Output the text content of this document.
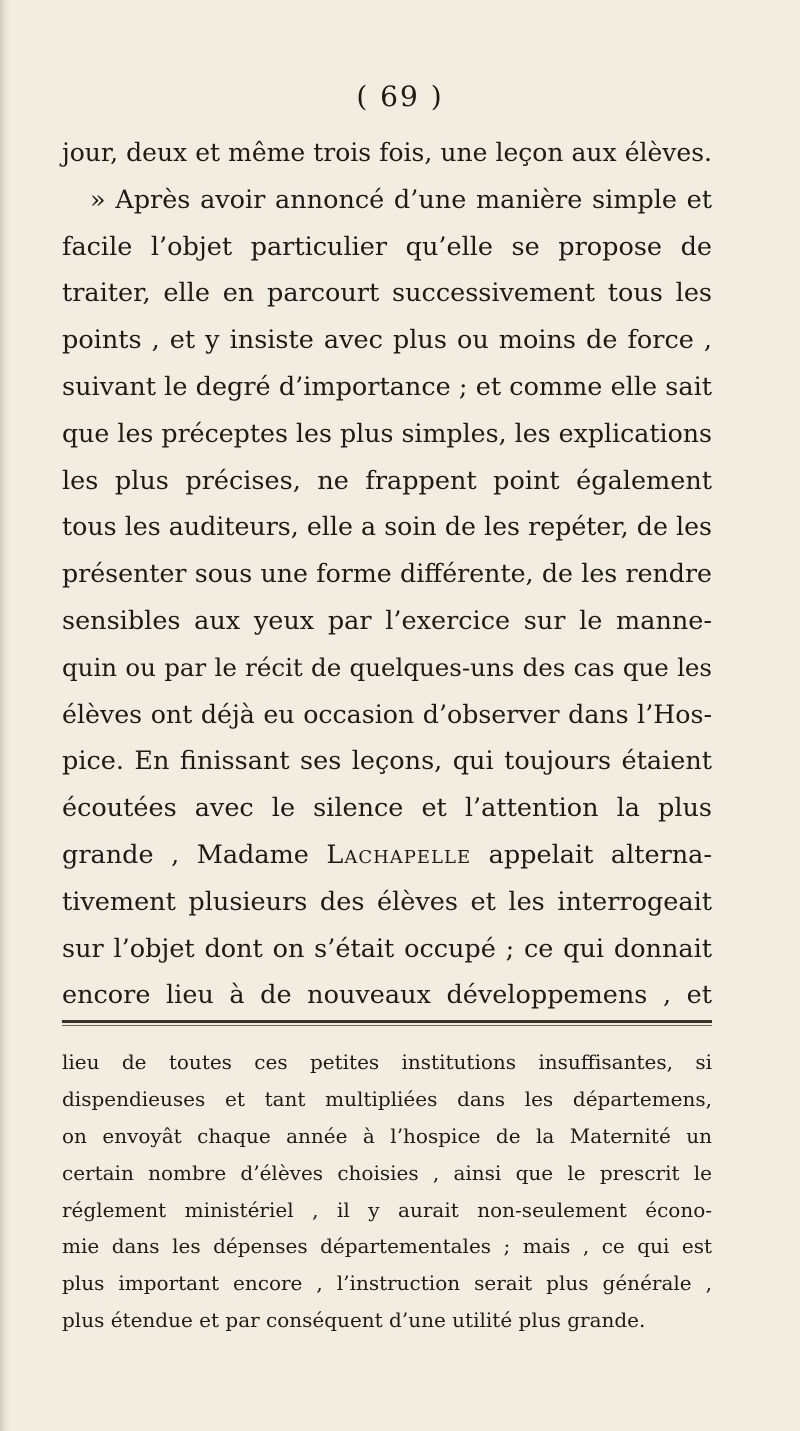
( 69 )
jour, deux et même trois fois, une leçon aux élèves.
» Après avoir annoncé d’une manière simple et
facile l’objet particulier qu’elle se propose de
traiter, elle en parcourt successivement tous les
points , et y insiste avec plus ou moins de force ,
suivant le degré d’importance ; et comme elle sait
que les préceptes les plus simples, les explications
les plus précises, ne frappent point également
tous les auditeurs, elle a soin de les repéter, de les
présenter sous une forme différente, de les rendre
sensibles aux yeux par l’exercice sur le manne-
quin ou par le récit de quelques-uns des cas que les
élèves ont déjà eu occasion d’observer dans l’Hos-
pice. En finissant ses leçons, qui toujours étaient
écoutées avec le silence et l’attention la plus
grande , Madame Lachapelle appelait alterna-
tivement plusieurs des élèves et les interrogeait
sur l’objet dont on s’était occupé ; ce qui donnait
encore lieu à de nouveaux développemens , et
lieu de toutes ces petites institutions insuffisantes, si
dispendieuses et tant multipliées dans les départemens,
on envoyât chaque année à l’hospice de la Maternité un
certain nombre d’élèves choisies , ainsi que le prescrit le
réglement ministériel , il y aurait non-seulement écono-
mie dans les dépenses départementales ; mais , ce qui est
plus important encore , l’instruction serait plus générale ,
plus étendue et par conséquent d’une utilité plus grande.
